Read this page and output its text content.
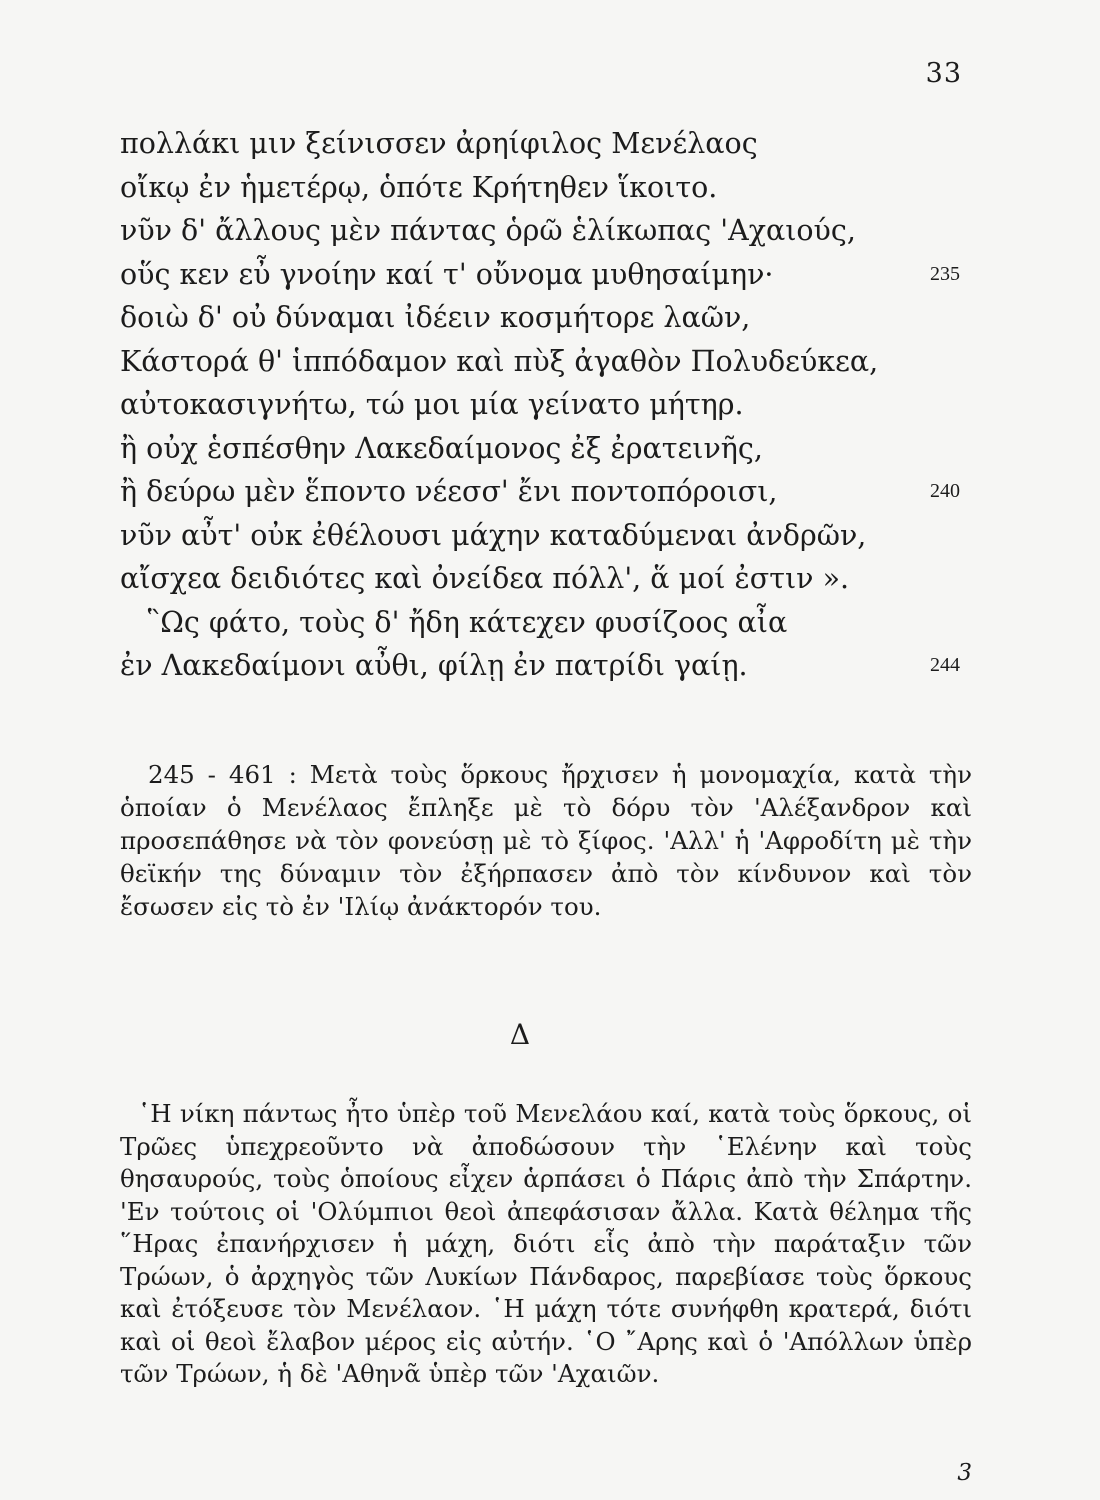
33
πολλάκι μιν ξείνισσεν ἀρηίφιλος Μενέλαος
οἴκῳ ἐν ἡμετέρῳ, ὁπότε Κρήτηθεν ἵκοιτο.
νῦν δ' ἄλλους μὲν πάντας ὁρῶ ἑλίκωπας 'Αχαιούς,
οὕς κεν εὖ γνοίην καί τ' οὔνομα μυθησαίμην·	235
δοιὼ δ' οὐ δύναμαι ἰδέειν κοσμήτορε λαῶν,
Κάστορά θ' ἱππόδαμον καὶ πὺξ ἀγαθὸν Πολυδεύκεα,
αὐτοκασιγνήτω, τώ μοι μία γείνατο μήτηρ.
ἢ οὐχ ἑσπέσθην Λακεδαίμονος ἐξ ἐρατεινῆς,
ἢ δεύρω μὲν ἕποντο νέεσσ' ἔνι ποντοπόροισι,	240
νῦν αὖτ' οὐκ ἐθέλουσι μάχην καταδύμεναι ἀνδρῶν,
αἴσχεα δειδιότες καὶ ὀνείδεα πόλλ', ἅ μοί ἐστιν ».
῝Ως φάτο, τοὺς δ' ἤδη κάτεχεν φυσίζοος αἶα
ἐν Λακεδαίμονι αὖθι, φίλῃ ἐν πατρίδι γαίῃ.	244

245 - 461 : Μετὰ τοὺς ὅρκους ἤρχισεν ἡ μονομαχία, κατὰ τὴν ὁποίαν ὁ Μενέλαος ἔπληξε μὲ τὸ δόρυ τὸν 'Αλέξανδρον καὶ προσεπάθησε νὰ τὸν φονεύσῃ μὲ τὸ ξίφος. 'Αλλ' ἡ 'Αφροδίτη μὲ τὴν θεϊκήν της δύναμιν τὸν ἐξήρπασεν ἀπὸ τὸν κίνδυνον καὶ τὸν ἔσωσεν εἰς τὸ ἐν 'Ιλίῳ ἀνάκτορόν του.

Δ

῾Η νίκη πάντως ἦτο ὑπὲρ τοῦ Μενελάου καί, κατὰ τοὺς ὅρκους, οἱ Τρῶες ὑπεχρεοῦντο νὰ ἀποδώσουν τὴν ῾Ελένην καὶ τοὺς θησαυρούς, τοὺς ὁποίους εἶχεν ἁρπάσει ὁ Πάρις ἀπὸ τὴν Σπάρτην. 'Εν τούτοις οἱ 'Ολύμπιοι θεοὶ ἀπεφάσισαν ἄλλα. Κατὰ θέλημα τῆς ῞Ηρας ἐπανήρχισεν ἡ μάχη, διότι εἷς ἀπὸ τὴν παράταξιν τῶν Τρώων, ὁ ἀρχηγὸς τῶν Λυκίων Πάνδαρος, παρεβίασε τοὺς ὅρκους καὶ ἐτόξευσε τὸν Μενέλαον. ῾Η μάχη τότε συνήφθη κρατερά, διότι καὶ οἱ θεοὶ ἔλαβον μέρος εἰς αὐτήν. ῾Ο ῎Αρης καὶ ὁ 'Απόλλων ὑπὲρ τῶν Τρώων, ἡ δὲ 'Αθηνᾶ ὑπὲρ τῶν 'Αχαιῶν.

3
